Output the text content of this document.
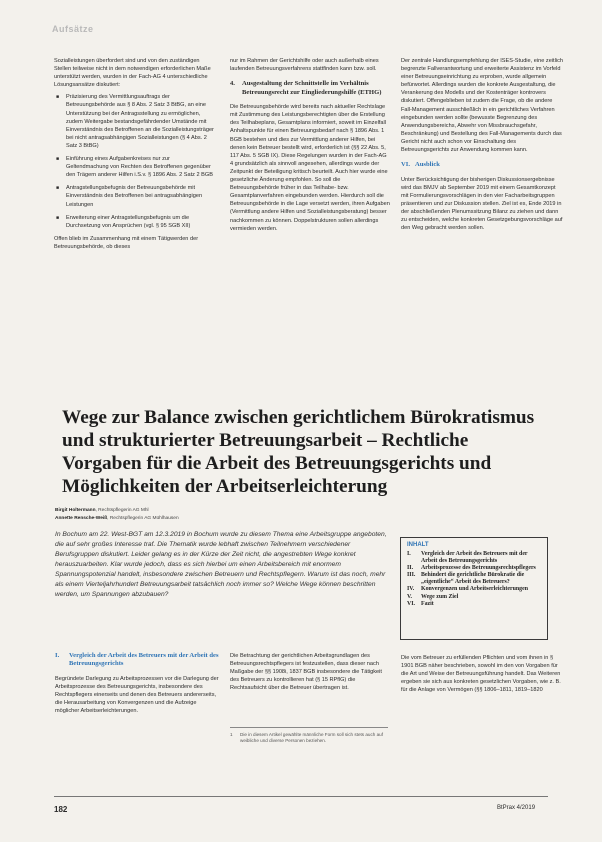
Aufsätze

Sozialleistungen überfordert sind und von den zuständigen Stellen teilweise nicht in dem notwendigen erforderlichen Maße unterstützt werden, wurden in der Fach-AG 4 unterschiedliche Lösungsansätze diskutiert:

■ Präzisierung des Vermittlungsauftrags der Betreuungsbehörde aus § 8 Abs. 2 Satz 3 BtBG, an eine Unterstützung bei der Antragsstellung zu ermöglichen, zudem Weitergabe bestandsgefährdender Umstände mit Einverständnis des Betroffenen an die Sozialleistungsträger bei nicht antragsabhängigen Sozialleistungen (§ 4 Abs. 2 Satz 3 BtBG)
■ Einführung eines Aufgabenkreises nur zur Geltendmachung von Rechten des Betroffenen gegenüber den Trägern anderer Hilfen i.S.v. § 1896 Abs. 2 Satz 2 BGB
■ Antragstellungsbefugnis der Betreuungsbehörde mit Einverständnis des Betroffenen bei antragsabhängigen Leistungen
■ Erweiterung einer Antragstellungsbefugnis um die Durchsetzung von Ansprüchen (vgl. § 95 SGB XII)

Offen blieb im Zusammenhang mit einem Tätigwerden der Betreuungsbehörde, ob dieses

nur im Rahmen der Gerichtshilfe oder auch außerhalb eines laufenden Betreuungsverfahrens stattfinden kann bzw. soll.

4.	Ausgestaltung der Schnittstelle im Verhältnis Betreuungsrecht zur Eingliederungshilfe (ETHG)

Die Betreuungsbehörde wird bereits nach aktueller Rechtslage mit Zustimmung des Leistungsberechtigten über die Erstellung des Teilhabeplans, Gesamtplans informiert, soweit im Einzelfall Anhaltspunkte für einen Betreuungsbedarf nach § 1896 Abs. 1 BGB bestehen und dies zur Vermittlung anderer Hilfen, bei denen kein Betreuer bestellt wird, erforderlich ist (§§ 22 Abs. 5, 117 Abs. 5 SGB IX). Diese Regelungen wurden in der Fach-AG 4 grundsätzlich als sinnvoll angesehen, allerdings wurde der Zeitpunkt der Beteiligung kritisch beurteilt. Auch hier wurde eine gesetzliche Änderung empfohlen. So soll die Betreuungsbehörde früher in das Teilhabe- bzw. Gesamtplanverfahren eingebunden werden. Hierdurch soll die Betreuungsbehörde in die Lage versetzt werden, ihren Aufgaben (Vermittlung andere Hilfen und Sozialleistungsberatung) besser nachkommen zu können. Doppelstrukturen sollen allerdings vermieden werden.

Der zentrale Handlungsempfehlung der ISES-Studie, eine zeitlich begrenzte Fallverantwortung und erweiterte Assistenz im Vorfeld einer Betreuungseinrichtung zu erproben, wurde allgemein befürwortet. Allerdings wurden die konkrete Ausgestaltung, die Verankerung des Modells und der Kostenträger kontrovers diskutiert. Offengeblieben ist zudem die Frage, ob die andere Fall-Management ausschließlich in ein gerichtliches Verfahren eingebunden werden sollte (bewusste Begrenzung des Anwendungsbereichs, Abwehr von Missbrauchsgefahr, Beschränkung) und Bestellung des Fall-Managements durch das Gericht nicht auch schon vor Einschaltung des Betreuungsgerichts zur Anwendung kommen kann.

VI. Ausblick

Unter Berücksichtigung der bisherigen Diskussionsergebnisse wird das BMJV ab September 2019 mit einem Gesamtkonzept mit Formulierungsvorschlägen in den vier Facharbeitsgruppen präsentieren und zur Diskussion stellen. Ziel ist es, Ende 2019 in der abschließenden Plenumssitzung Bilanz zu ziehen und dann zu entscheiden, welche konkreten Gesetzgebungsvorschläge auf den Weg gebracht werden sollen.

Wege zur Balance zwischen gerichtlichem Bürokratismus und strukturierter Betreuungsarbeit – Rechtliche Vorgaben für die Arbeit des Betreuungsgerichts und Möglichkeiten der Arbeitserleichterung
Birgit Holtermann, Rechtspflegerin AG Mhl
Annette Rensche-Weiß, Rechtspflegerin AG Mühlhausen
In Bochum am 22. West-BGT am 12.3.2019 in Bochum wurde zu diesem Thema eine Arbeitsgruppe angeboten, die auf sehr großes Interesse traf. Die Thematik wurde lebhaft zwischen Teilnehmern verschiedener Berufsgruppen diskutiert. Leider gelang es in der Kürze der Zeit nicht, die angestrebten Wege konkret herauszuarbeiten. Klar wurde jedoch, dass es sich hierbei um einen Arbeitsbereich mit enormem Spannungspotenzial handelt, insbesondere zwischen Betreuern und Rechtspflegern. Warum ist das noch, mehr als einem Vierteljahrhundert Betreuungsarbeit tatsächlich noch immer so? Welche Wege können beschritten werden, um Spannungen abzubauen?
INHALT
I.	Vergleich der Arbeit des Betreuers mit der Arbeit des Betreuungsgerichts
II.	Arbeitsprozesse des Betreuungsrechtspflegers
III. Behindert die gerichtliche Bürokratie die „eigentliche“ Arbeit des Betreuers?
IV.	Konvergenzen und Arbeitserleichterungen
V.	Wege zum Ziel
VI.	Fazit
I.	Vergleich der Arbeit des Betreuers mit der Arbeit des Betreuungsgerichts

Begründete Darlegung zu Arbeitsprozessen vor die Darlegung der Arbeitsprozesse des Betreuungsgerichts, insbesondere des Rechtspflegers einerseits und denen des Betreuers andererseits, die Herausarbeitung von Konvergenzen und die Aufzeige möglicher Arbeitserleichterungen.

Die Betrachtung der gerichtlichen Arbeitsgrundlagen des Betreuungsrechtspflegers ist festzustellen, dass dieser nach Maßgabe der §§ 1908i, 1837 BGB insbesondere die Tätigkeit des Betreuers zu kontrollieren hat (§ 15 RPflG) die Rechtsaufsicht über die Betreuer übertragen ist.

1	Die in diesem Artikel gewählte männliche Form soll sich stets auch auf weibliche und diverse Personen beziehen.

Die vom Betreuer zu erfüllenden Pflichten und vom ihnen in § 1901 BGB näher beschrieben, sowohl im den von Vorgaben für die Art und Weise der Betreuungsführung handelt. Das Weiteren ergeben sie sich aus konkreten gesetzlichen Vorgaben, wie z. B. für die Anlage von Vermögen (§§ 1806–1811, 1819–1820

182	BtPrax 4/2019
